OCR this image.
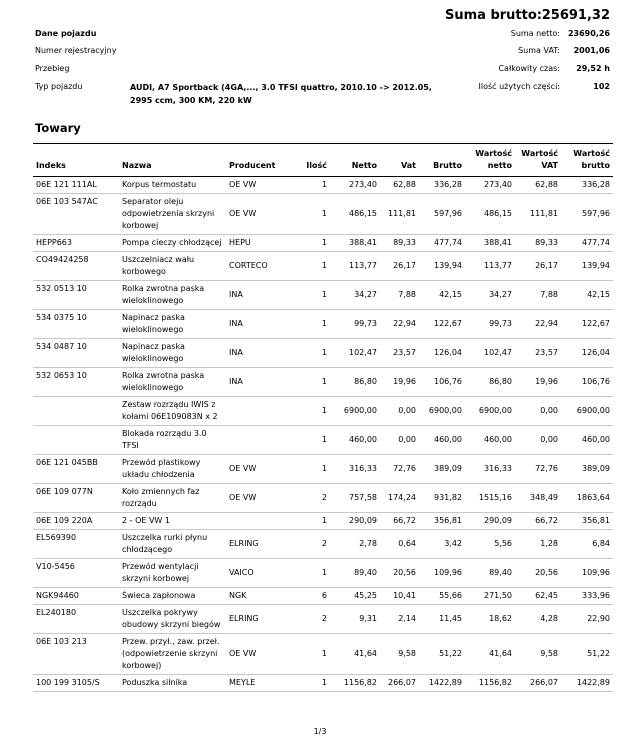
Suma brutto: 25691,32
Dane pojazdu
Numer rejestracyjny
Przebieg
Typ pojazdu	AUDI, A7 Sportback (4GA,..., 3.0 TFSI quattro, 2010.10 -> 2012.05, 2995 ccm, 300 KM, 220 kW
Suma netto: 23690,26
Suma VAT: 2001,06
Całkowity czas: 29,52 h
Ilość użytych części:	102
Towary
Indeks	Nazwa	Producent	Ilość	Netto	Vat	Brutto	Wartość netto	Wartość VAT	Wartość brutto
06E 121 111AL	Korpus termostatu	OE VW	1	273,40	62,88	336,28	273,40	62,88	336,28
06E 103 547AC	Separator oleju odpowietrzenia skrzyni korbowej	OE VW	1	486,15	111,81	597,96	486,15	111,81	597,96
HEPP663	Pompa cieczy chłodzącej	HEPU	1	388,41	89,33	477,74	388,41	89,33	477,74
CO49424258	Uszczelniacz wału korbowego	CORTECO	1	113,77	26,17	139,94	113,77	26,17	139,94
532 0513 10	Rolka zwrotna paska wieloklinowego	INA	1	34,27	7,88	42,15	34,27	7,88	42,15
534 0375 10	Napinacz paska wieloklinowego	INA	1	99,73	22,94	122,67	99,73	22,94	122,67
534 0487 10	Napinacz paska wieloklinowego	INA	1	102,47	23,57	126,04	102,47	23,57	126,04
532 0653 10	Rolka zwrotna paska wieloklinowego	INA	1	86,80	19,96	106,76	86,80	19,96	106,76
	Zestaw rozrządu IWIS z kołami 06E109083N x 2		1	6900,00	0,00	6900,00	6900,00	0,00	6900,00
	Blokada rozrządu 3.0 TFSI		1	460,00	0,00	460,00	460,00	0,00	460,00
06E 121 045BB	Przewód plastikowy układu chłodzenia	OE VW	1	316,33	72,76	389,09	316,33	72,76	389,09
06E 109 077N	Koło zmiennych faz rozrządu	OE VW	2	757,58	174,24	931,82	1515,16	348,49	1863,64
06E 109 220A	2 - OE VW 1		1	290,09	66,72	356,81	290,09	66,72	356,81
EL569390	Uszczelka rurki płynu chłodzącego	ELRING	2	2,78	0,64	3,42	5,56	1,28	6,84
V10-5456	Przewód wentylacji skrzyni korbowej	VAICO	1	89,40	20,56	109,96	89,40	20,56	109,96
NGK94460	Świeca zapłonowa	NGK	6	45,25	10,41	55,66	271,50	62,45	333,96
EL240180	Uszczelka pokrywy obudowy skrzyni biegów	ELRING	2	9,31	2,14	11,45	18,62	4,28	22,90
06E 103 213	Przew. przył., zaw. przeł. (odpowietrzenie skrzyni korbowej)	OE VW	1	41,64	9,58	51,22	41,64	9,58	51,22
100 199 3105/S	Poduszka silnika	MEYLE	1	1156,82	266,07	1422,89	1156,82	266,07	1422,89
1/3
